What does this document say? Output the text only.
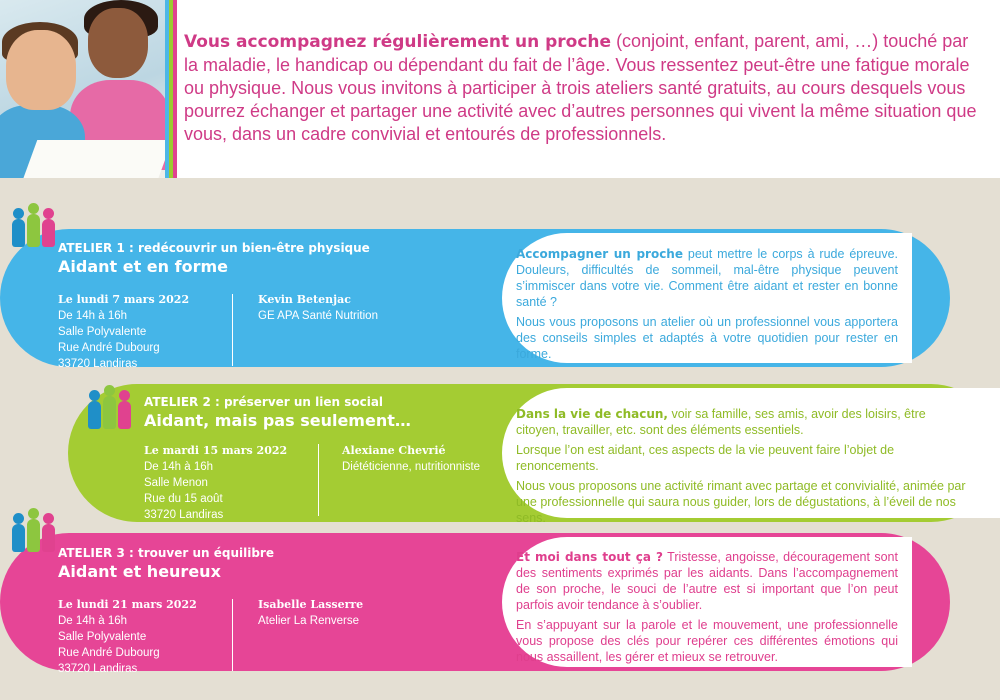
Vous accompagnez régulièrement un proche (conjoint, enfant, parent, ami, …) touché par la maladie, le handicap ou dépendant du fait de l’âge. Vous ressentez peut-être une fatigue morale ou physique. Nous vous invitons à participer à trois ateliers santé gratuits, au cours desquels vous pourrez échanger et partager une activité avec d’autres personnes qui vivent la même situation que vous, dans un cadre convivial et entourés de professionnels.

ATELIER 1 : redécouvrir un bien-être physique

Aidant et en forme

Le lundi 7 mars 2022
De 14h à 16h
Salle Polyvalente
Rue André Dubourg
33720 Landiras
Kevin Betenjac
GE APA Santé Nutrition

Accompagner un proche peut mettre le corps à rude épreuve. Douleurs, difficultés de sommeil, mal-être physique peuvent s’immiscer dans votre vie. Comment être aidant et rester en bonne santé ?

Nous vous proposons un atelier où un professionnel vous apportera des conseils simples et adaptés à votre quotidien pour rester en forme.

ATELIER 2 : préserver un lien social

Aidant, mais pas seulement…

Le mardi 15 mars 2022
De 14h à 16h
Salle Menon
Rue du 15 août
33720 Landiras
Alexiane Chevrié
Diététicienne, nutritionniste

Dans la vie de chacun, voir sa famille, ses amis, avoir des loisirs, être citoyen, travailler, etc. sont des éléments essentiels.

Lorsque l’on est aidant, ces aspects de la vie peuvent faire l’objet de renoncements.

Nous vous proposons une activité rimant avec partage et convivialité, animée par une professionnelle qui saura nous guider, lors de dégustations, à l’éveil de nos sens.

ATELIER 3 : trouver un équilibre

Aidant et heureux

Le lundi 21 mars 2022
De 14h à 16h
Salle Polyvalente
Rue André Dubourg
33720 Landiras
Isabelle Lasserre
Atelier La Renverse

Et moi dans tout ça ? Tristesse, angoisse, découragement sont des sentiments exprimés par les aidants. Dans l’accompagnement de son proche, le souci de l’autre est si important que l’on peut parfois avoir tendance à s’oublier.

En s’appuyant sur la parole et le mouvement, une professionnelle vous propose des clés pour repérer ces différentes émotions qui nous assaillent, les gérer et mieux se retrouver.
